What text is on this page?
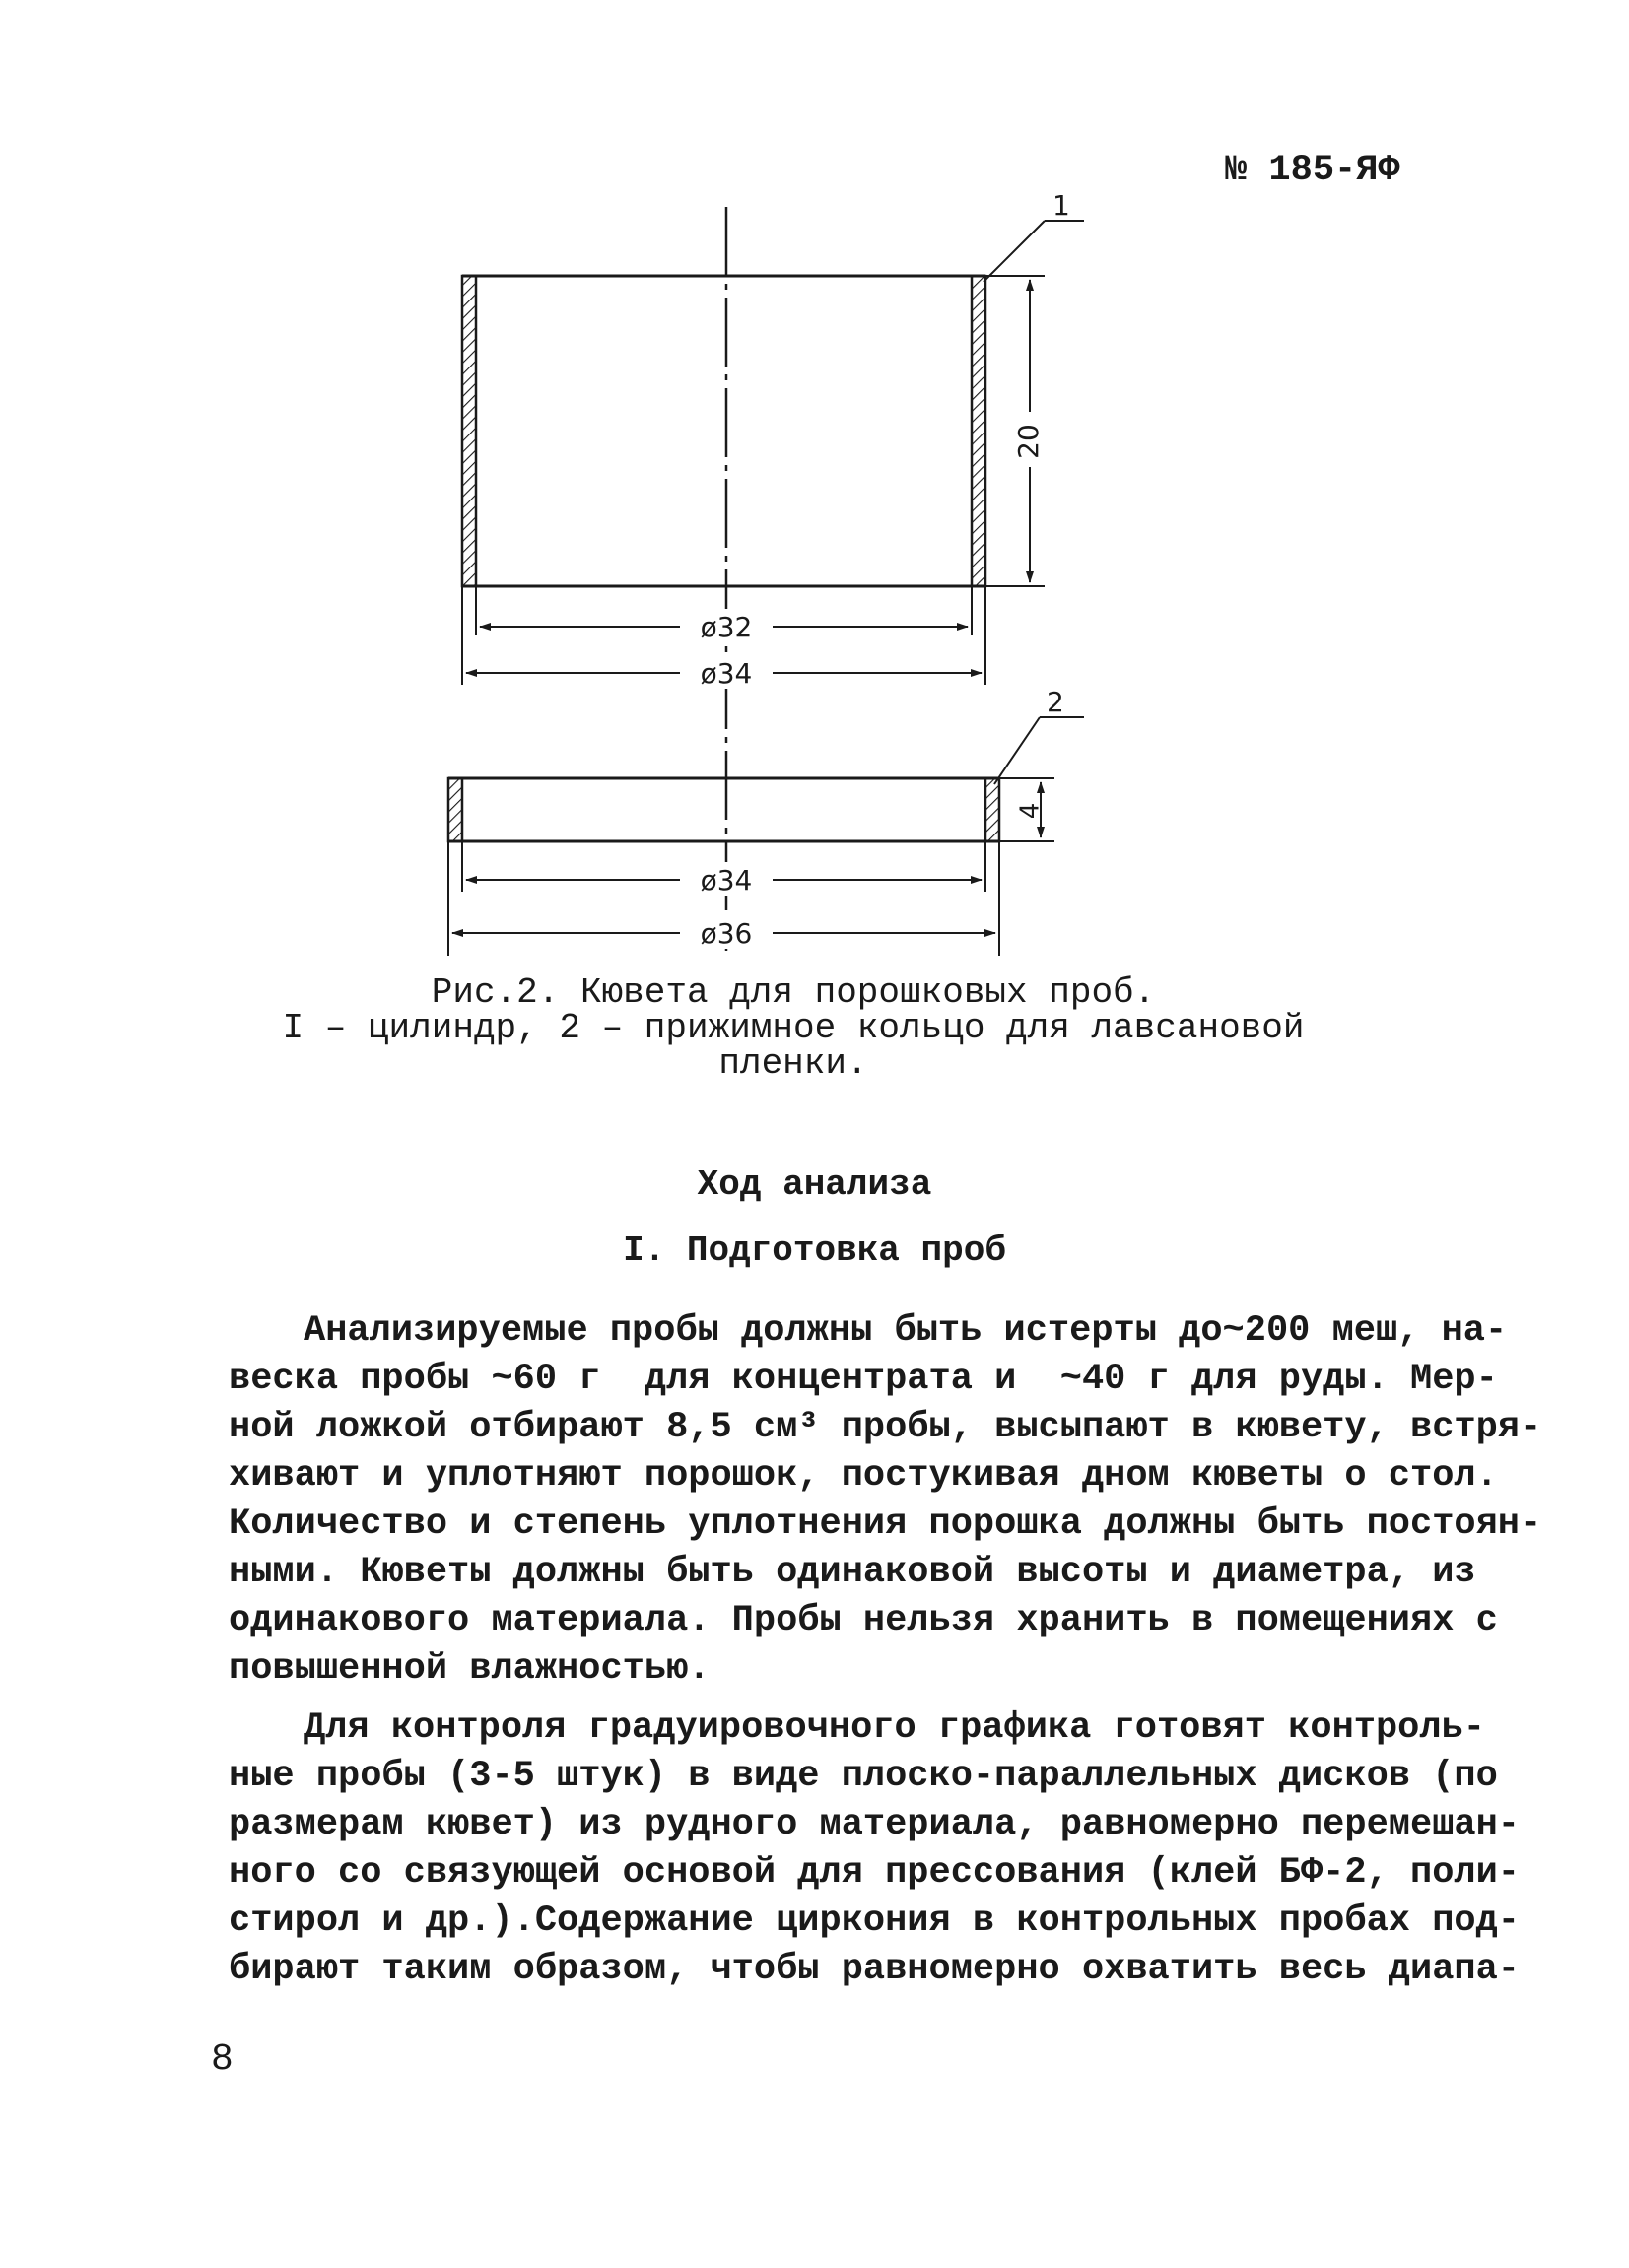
№ 185-ЯФ
1
20
ø32
ø34
2
4
ø34
ø36
Рис.2. Кювета для порошковых проб.
I – цилиндр, 2 – прижимное кольцо для лавсановой
пленки.
Ход анализа
I. Подготовка проб
Анализируемые пробы должны быть истерты до~200 меш, на-
веска пробы ~60 г  для концентрата и  ~40 г для руды. Мер-
ной ложкой отбирают 8,5 см³ пробы, высыпают в кювету, встря-
хивают и уплотняют порошок, постукивая дном кюветы о стол.
Количество и степень уплотнения порошка должны быть постоян-
ными. Кюветы должны быть одинаковой высоты и диаметра, из
одинакового материала. Пробы нельзя хранить в помещениях с
повышенной влажностью.
Для контроля градуировочного графика готовят контроль-
ные пробы (3-5 штук) в виде плоско-параллельных дисков (по
размерам кювет) из рудного материала, равномерно перемешан-
ного со связующей основой для прессования (клей БФ-2, поли-
стирол и др.).Содержание циркония в контрольных пробах под-
бирают таким образом, чтобы равномерно охватить весь диапа-
8
